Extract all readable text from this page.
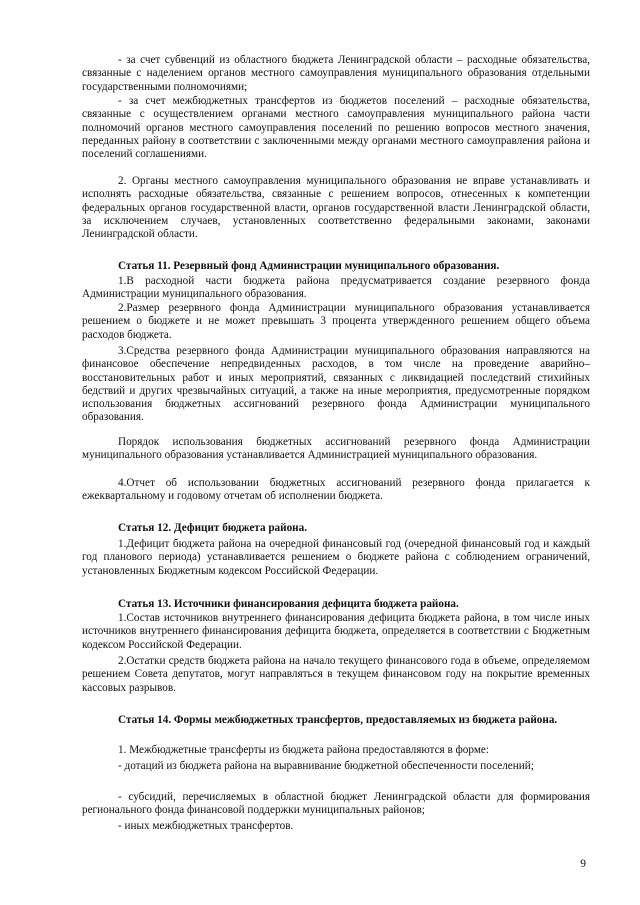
- за счет субвенций из областного бюджета Ленинградской области – расходные обязательства, связанные с наделением органов местного самоуправления муниципального образования отдельными государственными полномочиями;

- за счет межбюджетных трансфертов из бюджетов поселений – расходные обязательства, связанные с осуществлением органами местного самоуправления муниципального района части полномочий органов местного самоуправления поселений по решению вопросов местного значения, переданных району в соответствии с заключенными между органами местного самоуправления района и поселений соглашениями.

2. Органы местного самоуправления муниципального образования не вправе устанавливать и исполнять расходные обязательства, связанные с решением вопросов, отнесенных к компетенции федеральных органов государственной власти, органов государственной власти Ленинградской области, за исключением случаев, установленных соответственно федеральными законами, законами Ленинградской области.

Статья 11. Резервный фонд Администрации муниципального образования.

1.В расходной части бюджета района предусматривается создание резервного фонда Администрации муниципального образования.

2.Размер резервного фонда Администрации муниципального образования устанавливается решением о бюджете и не может превышать 3 процента утвержденного решением общего объема расходов бюджета.

3.Средства резервного фонда Администрации муниципального образования направляются на финансовое обеспечение непредвиденных расходов, в том числе на проведение аварийно–восстановительных работ и иных мероприятий, связанных с ликвидацией последствий стихийных бедствий и других чрезвычайных ситуаций, а также на иные мероприятия, предусмотренные порядком использования бюджетных ассигнований резервного фонда Администрации муниципального образования.

Порядок использования бюджетных ассигнований резервного фонда Администрации муниципального образования устанавливается Администрацией муниципального образования.

4.Отчет об использовании бюджетных ассигнований резервного фонда прилагается к ежеквартальному и годовому отчетам об исполнении бюджета.

Статья 12. Дефицит бюджета района.

1.Дефицит бюджета района на очередной финансовый год (очередной финансовый год и каждый год планового периода) устанавливается решением о бюджете района с соблюдением ограничений, установленных Бюджетным кодексом Российской Федерации.

Статья 13. Источники финансирования дефицита бюджета района.

1.Состав источников внутреннего финансирования дефицита бюджета района, в том числе иных источников внутреннего финансирования дефицита бюджета, определяется в соответствии с Бюджетным кодексом Российской Федерации.

2.Остатки средств бюджета района на начало текущего финансового года в объеме, определяемом решением Совета депутатов, могут направляться в текущем финансовом году на покрытие временных кассовых разрывов.

Статья 14. Формы межбюджетных трансфертов, предоставляемых из бюджета района.

1. Межбюджетные трансферты из бюджета района предоставляются в форме:

- дотаций из бюджета района на выравнивание бюджетной обеспеченности поселений;

- субсидий, перечисляемых в областной бюджет Ленинградской области для формирования регионального фонда финансовой поддержки муниципальных районов;

- иных межбюджетных трансфертов.

9
